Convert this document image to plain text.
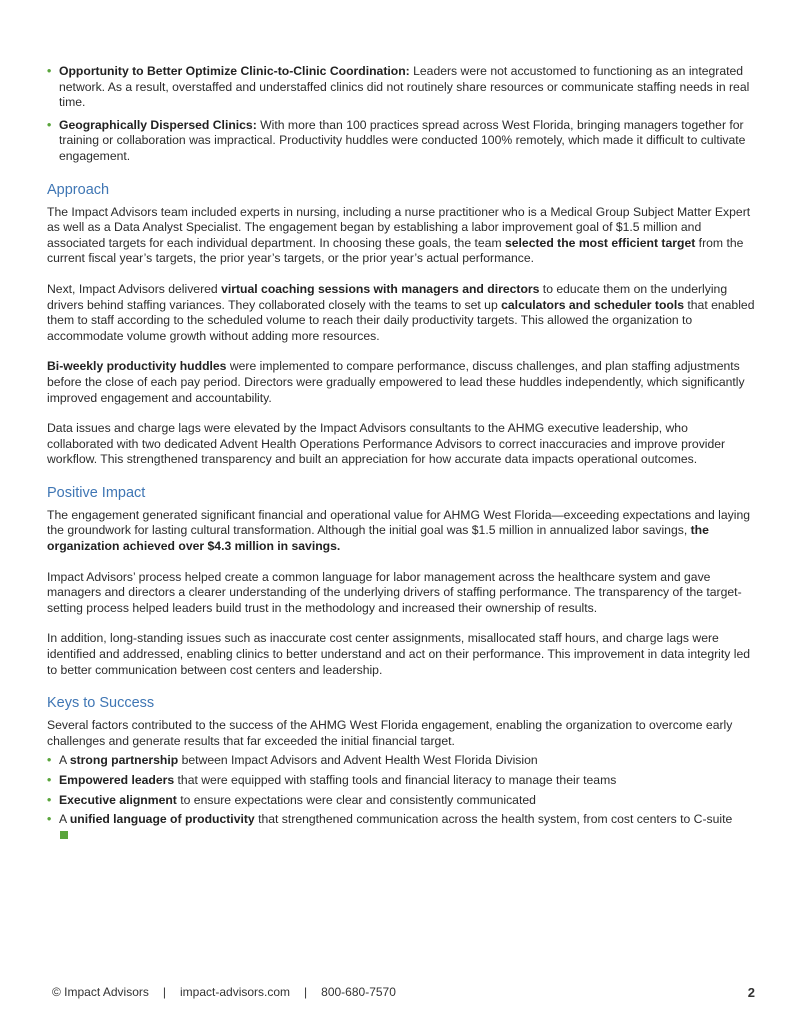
• Opportunity to Better Optimize Clinic-to-Clinic Coordination: Leaders were not accustomed to functioning as an integrated network. As a result, overstaffed and understaffed clinics did not routinely share resources or communicate staffing needs in real time.
• Geographically Dispersed Clinics: With more than 100 practices spread across West Florida, bringing managers together for training or collaboration was impractical. Productivity huddles were conducted 100% remotely, which made it difficult to cultivate engagement.
Approach

The Impact Advisors team included experts in nursing, including a nurse practitioner who is a Medical Group Subject Matter Expert as well as a Data Analyst Specialist. The engagement began by establishing a labor improvement goal of $1.5 million and associated targets for each individual department. In choosing these goals, the team selected the most efficient target from the current fiscal year’s targets, the prior year’s targets, or the prior year’s actual performance.

Next, Impact Advisors delivered virtual coaching sessions with managers and directors to educate them on the underlying drivers behind staffing variances. They collaborated closely with the teams to set up calculators and scheduler tools that enabled them to staff according to the scheduled volume to reach their daily productivity targets. This allowed the organization to accommodate volume growth without adding more resources.

Bi-weekly productivity huddles were implemented to compare performance, discuss challenges, and plan staffing adjustments before the close of each pay period. Directors were gradually empowered to lead these huddles independently, which significantly improved engagement and accountability.

Data issues and charge lags were elevated by the Impact Advisors consultants to the AHMG executive leadership, who collaborated with two dedicated Advent Health Operations Performance Advisors to correct inaccuracies and improve provider workflow. This strengthened transparency and built an appreciation for how accurate data impacts operational outcomes.

Positive Impact

The engagement generated significant financial and operational value for AHMG West Florida—exceeding expectations and laying the groundwork for lasting cultural transformation. Although the initial goal was $1.5 million in annualized labor savings, the organization achieved over $4.3 million in savings.

Impact Advisors’ process helped create a common language for labor management across the healthcare system and gave managers and directors a clearer understanding of the underlying drivers of staffing performance. The transparency of the target-setting process helped leaders build trust in the methodology and increased their ownership of results.

In addition, long-standing issues such as inaccurate cost center assignments, misallocated staff hours, and charge lags were identified and addressed, enabling clinics to better understand and act on their performance. This improvement in data integrity led to better communication between cost centers and leadership.

Keys to Success

Several factors contributed to the success of the AHMG West Florida engagement, enabling the organization to overcome early challenges and generate results that far exceeded the initial financial target.

• A strong partnership between Impact Advisors and Advent Health West Florida Division
• Empowered leaders that were equipped with staffing tools and financial literacy to manage their teams
• Executive alignment to ensure expectations were clear and consistently communicated
• A unified language of productivity that strengthened communication across the health system, from cost centers to C-suite
© Impact Advisors | impact-advisors.com | 800-680-7570	2
